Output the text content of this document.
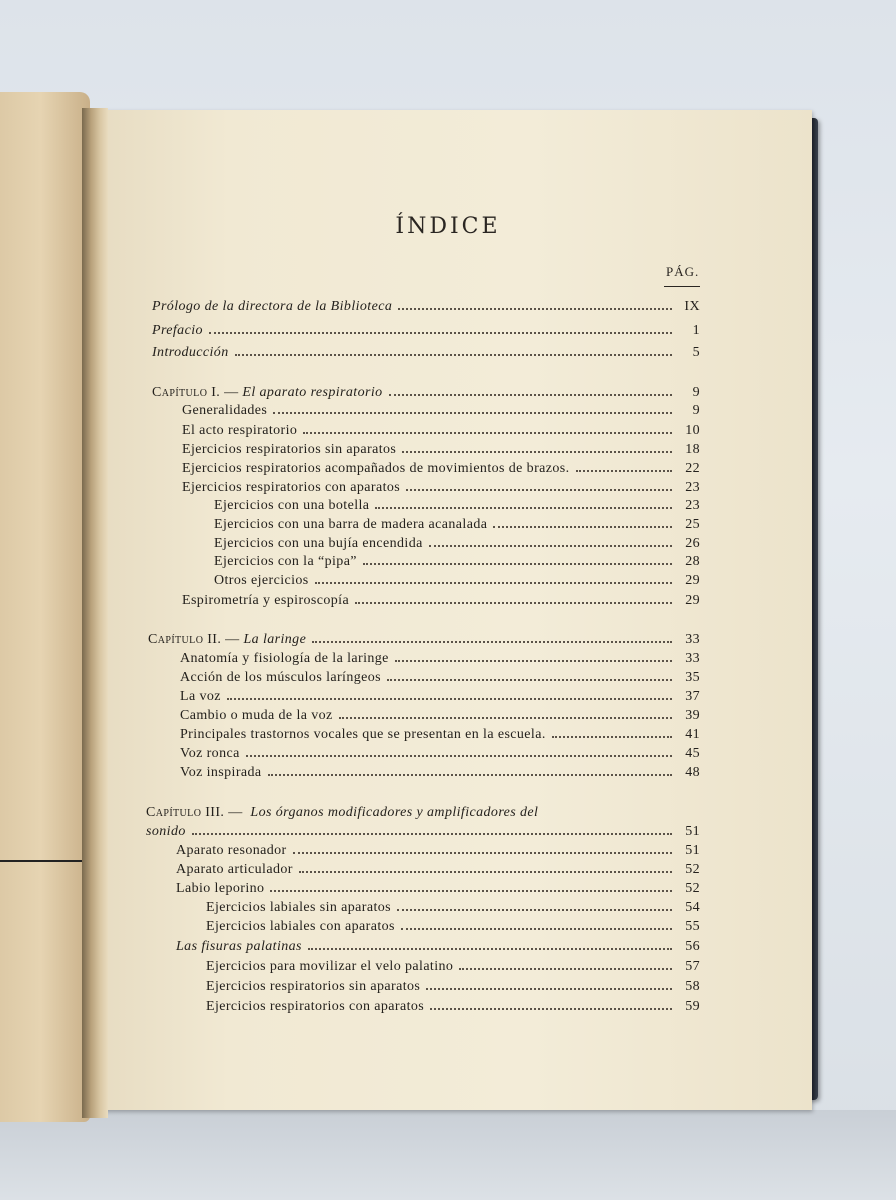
ÍNDICE
PÁG.
Prólogo de la directora de la Biblioteca	IX
Prefacio	1
Introducción	5
Capítulo I. —
El aparato respiratorio	9
Generalidades	9
El acto respiratorio	10
Ejercicios respiratorios sin aparatos	18
Ejercicios respiratorios acompañados de movimientos de brazos.	22
Ejercicios respiratorios con aparatos	23
Ejercicios con una botella	23
Ejercicios con una barra de madera acanalada	25
Ejercicios con una bujía encendida	26
Ejercicios con la “pipa”	28
Otros ejercicios	29
Espirometría y espiroscopía	29
Capítulo II. —
La laringe	33
Anatomía y fisiología de la laringe	33
Acción de los músculos laríngeos	35
La voz	37
Cambio o muda de la voz	39
Principales trastornos vocales que se presentan en la escuela.	41
Voz ronca	45
Voz inspirada	48
Capítulo III. — Los órganos modificadores y amplificadores del
sonido	51
Aparato resonador	51
Aparato articulador	52
Labio leporino	52
Ejercicios labiales sin aparatos	54
Ejercicios labiales con aparatos	55
Las fisuras palatinas	56
Ejercicios para movilizar el velo palatino	57
Ejercicios respiratorios sin aparatos	58
Ejercicios respiratorios con aparatos	59
